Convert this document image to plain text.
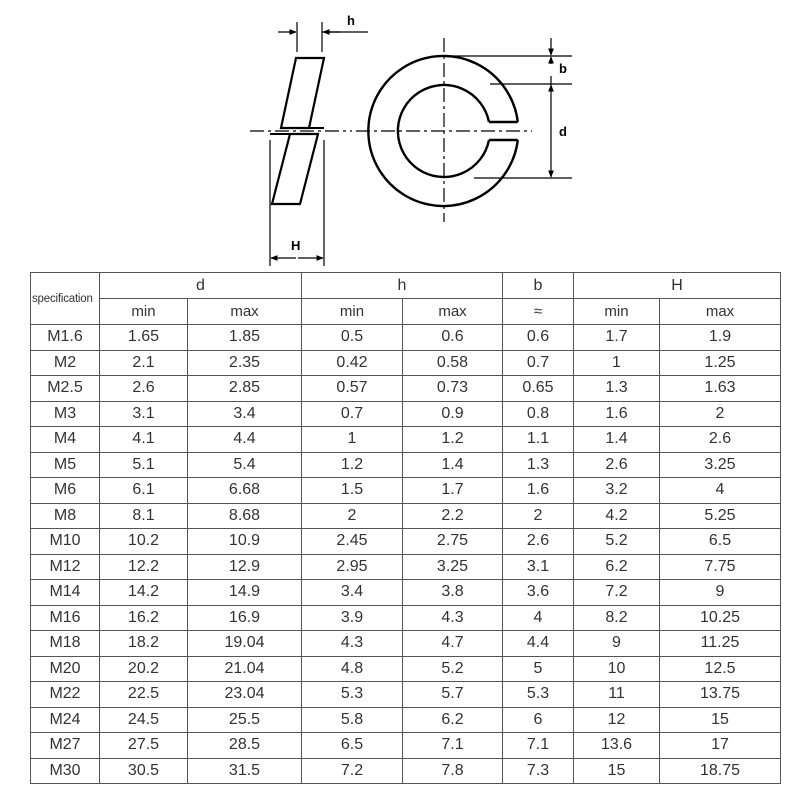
h
H
b
d
specification	d		h		b	H	
	min	max	min	max	≈	min	max
M1.6	1.65	1.85	0.5	0.6	0.6	1.7	1.9
M2	2.1	2.35	0.42	0.58	0.7	1	1.25
M2.5	2.6	2.85	0.57	0.73	0.65	1.3	1.63
M3	3.1	3.4	0.7	0.9	0.8	1.6	2
M4	4.1	4.4	1	1.2	1.1	1.4	2.6
M5	5.1	5.4	1.2	1.4	1.3	2.6	3.25
M6	6.1	6.68	1.5	1.7	1.6	3.2	4
M8	8.1	8.68	2	2.2	2	4.2	5.25
M10	10.2	10.9	2.45	2.75	2.6	5.2	6.5
M12	12.2	12.9	2.95	3.25	3.1	6.2	7.75
M14	14.2	14.9	3.4	3.8	3.6	7.2	9
M16	16.2	16.9	3.9	4.3	4	8.2	10.25
M18	18.2	19.04	4.3	4.7	4.4	9	11.25
M20	20.2	21.04	4.8	5.2	5	10	12.5
M22	22.5	23.04	5.3	5.7	5.3	11	13.75
M24	24.5	25.5	5.8	6.2	6	12	15
M27	27.5	28.5	6.5	7.1	7.1	13.6	17
M30	30.5	31.5	7.2	7.8	7.3	15	18.75
